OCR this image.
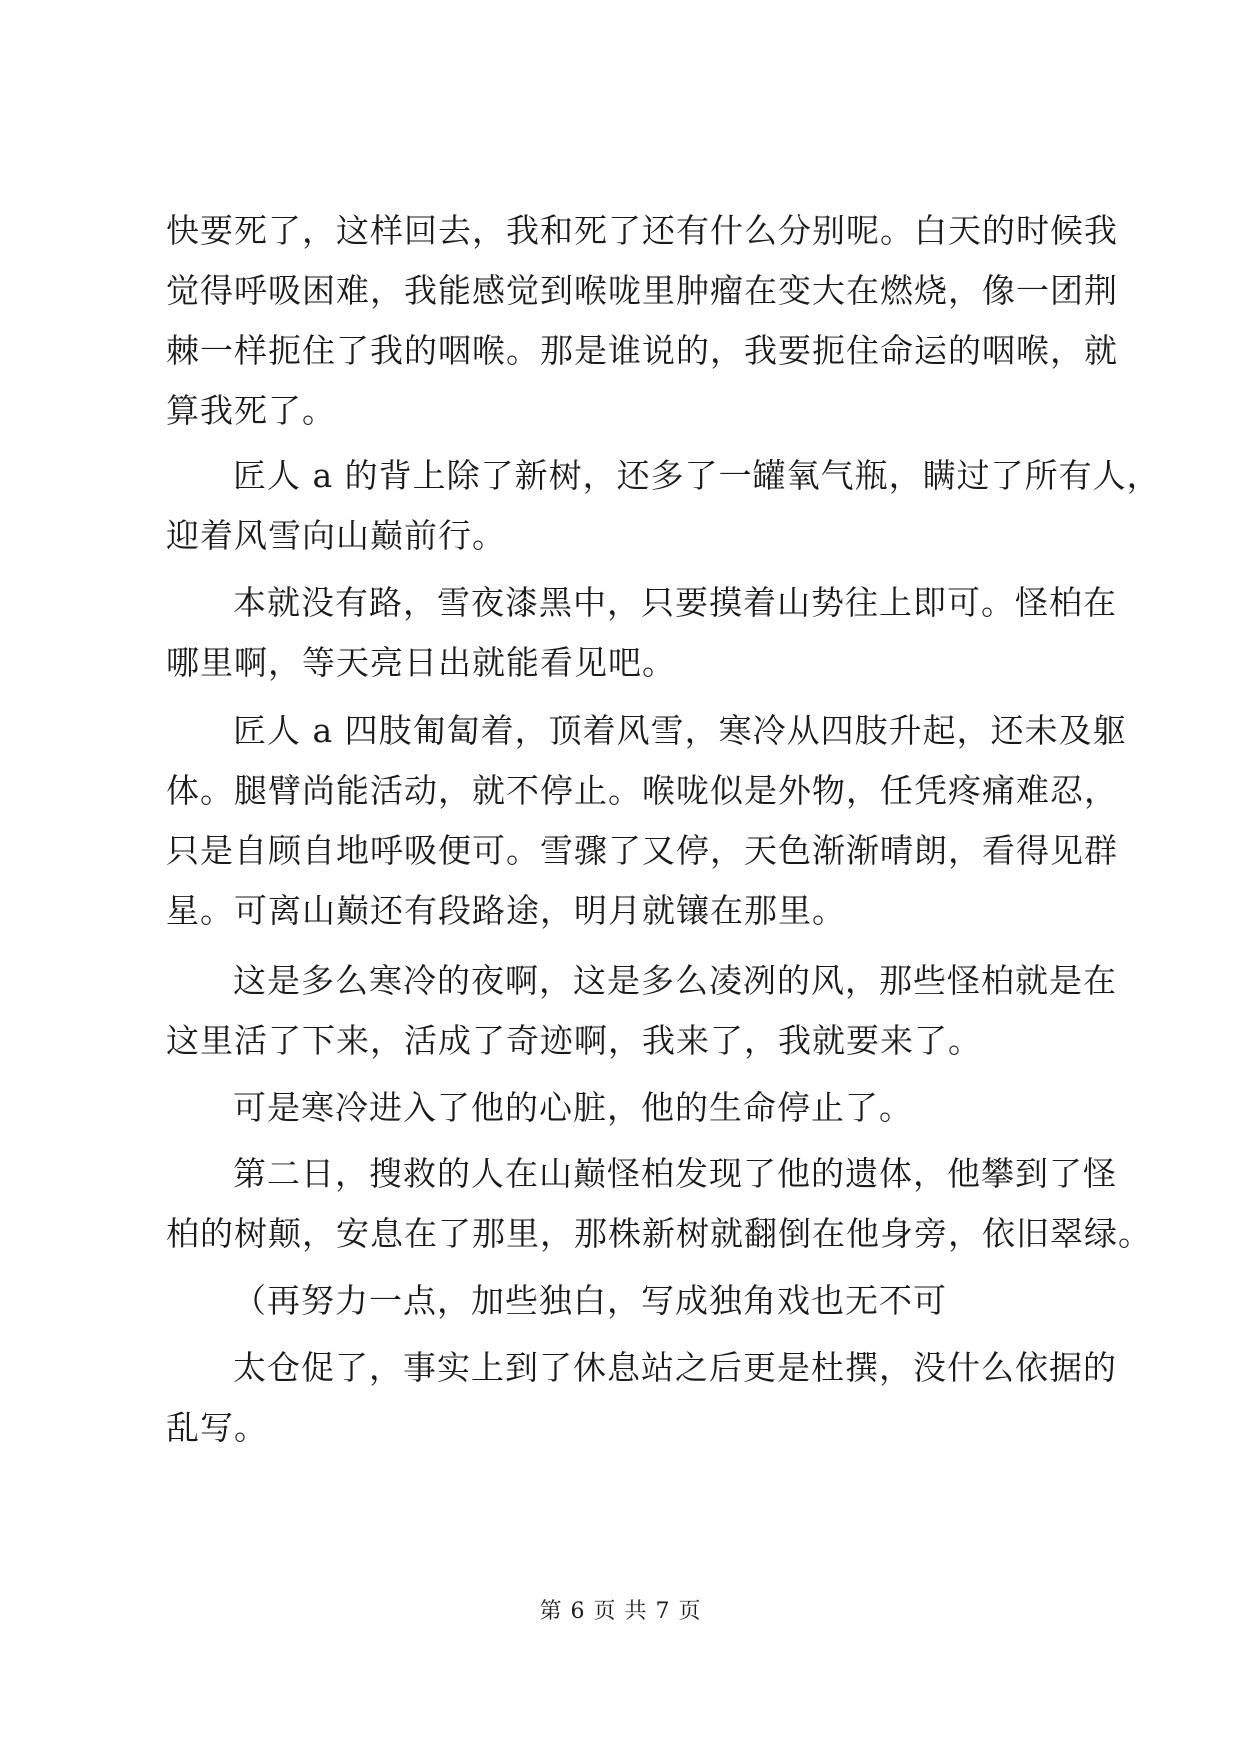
快要死了，这样回去，我和死了还有什么分别呢。白天的时候我
觉得呼吸困难，我能感觉到喉咙里肿瘤在变大在燃烧，像一团荆
棘一样扼住了我的咽喉。那是谁说的，我要扼住命运的咽喉，就
算我死了。
匠人 a 的背上除了新树，还多了一罐氧气瓶，瞒过了所有人，
迎着风雪向山巅前行。
本就没有路，雪夜漆黑中，只要摸着山势往上即可。怪柏在
哪里啊，等天亮日出就能看见吧。
匠人 a 四肢匍匐着，顶着风雪，寒冷从四肢升起，还未及躯
体。腿臂尚能活动，就不停止。喉咙似是外物，任凭疼痛难忍，
只是自顾自地呼吸便可。雪骤了又停，天色渐渐晴朗，看得见群
星。可离山巅还有段路途，明月就镶在那里。
这是多么寒冷的夜啊，这是多么凌冽的风，那些怪柏就是在
这里活了下来，活成了奇迹啊，我来了，我就要来了。
可是寒冷进入了他的心脏，他的生命停止了。
第二日，搜救的人在山巅怪柏发现了他的遗体，他攀到了怪
柏的树颠，安息在了那里，那株新树就翻倒在他身旁，依旧翠绿。
（再努力一点，加些独白，写成独角戏也无不可
太仓促了，事实上到了休息站之后更是杜撰，没什么依据的
乱写。
第 6 页 共 7 页
